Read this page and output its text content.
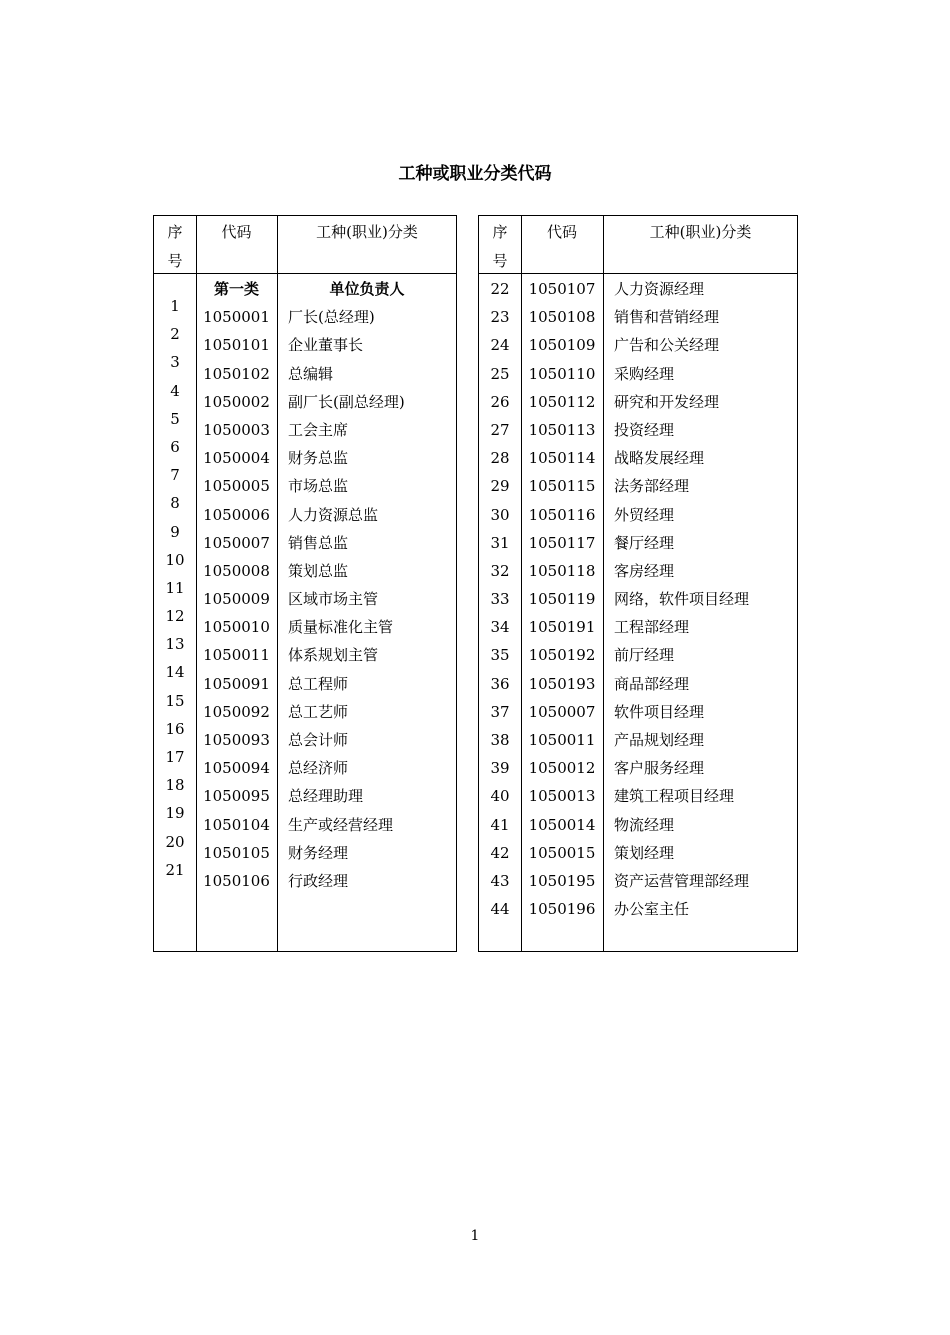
工种或职业分类代码
序
号
代码	工种(职业)分类
1
2
3
4
5
6
7
8
9
10
11
12
13
14
15
16
17
18
19
20
21
第一类
1050001
1050101
1050102
1050002
1050003
1050004
1050005
1050006
1050007
1050008
1050009
1050010
1050011
1050091
1050092
1050093
1050094
1050095
1050104
1050105
1050106
单位负责人
厂长(总经理)
企业董事长
总编辑
副厂长(副总经理)
工会主席
财务总监
市场总监
人力资源总监
销售总监
策划总监
区域市场主管
质量标准化主管
体系规划主管
总工程师
总工艺师
总会计师
总经济师
总经理助理
生产或经营经理
财务经理
行政经理
序
号
代码	工种(职业)分类
22
23
24
25
26
27
28
29
30
31
32
33
34
35
36
37
38
39
40
41
42
43
44
1050107
1050108
1050109
1050110
1050112
1050113
1050114
1050115
1050116
1050117
1050118
1050119
1050191
1050192
1050193
1050007
1050011
1050012
1050013
1050014
1050015
1050195
1050196
人力资源经理
销售和营销经理
广告和公关经理
采购经理
研究和开发经理
投资经理
战略发展经理
法务部经理
外贸经理
餐厅经理
客房经理
网络，软件项目经理
工程部经理
前厅经理
商品部经理
软件项目经理
产品规划经理
客户服务经理
建筑工程项目经理
物流经理
策划经理
资产运营管理部经理
办公室主任
1
